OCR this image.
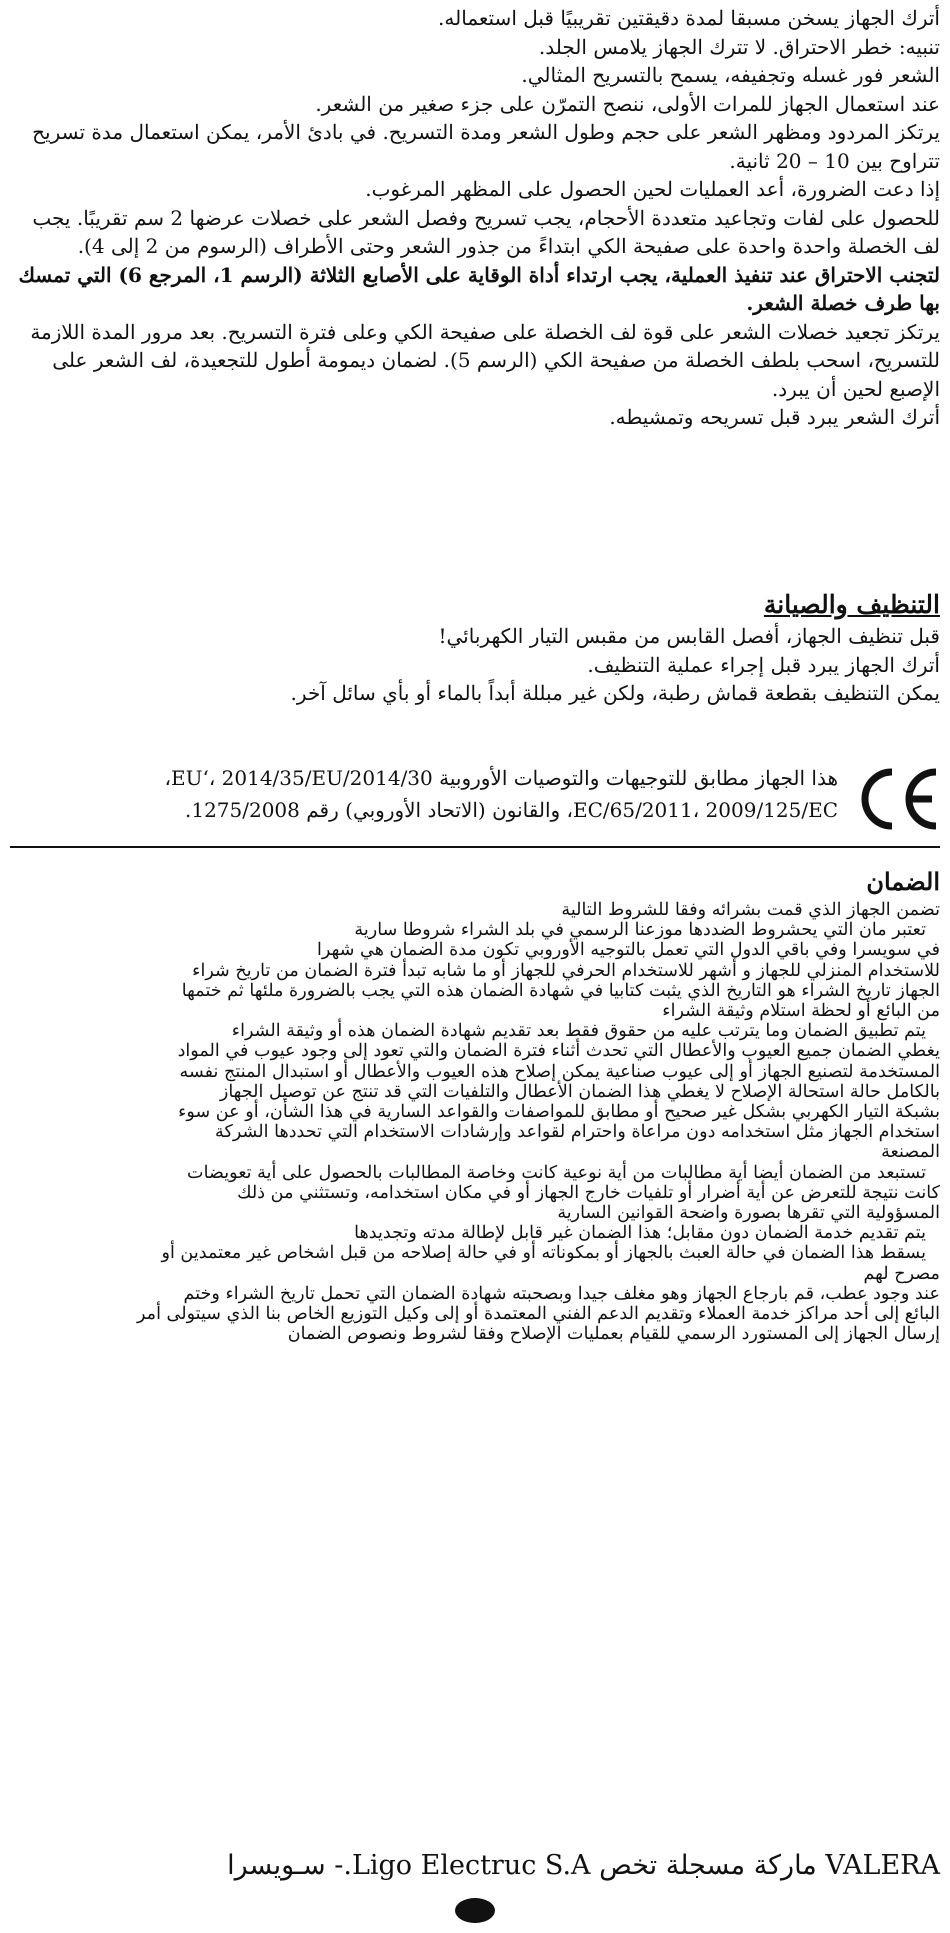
أترك الجهاز يسخن مسبقا لمدة دقيقتين تقريبيًا قبل استعماله.

تنبيه: خطر الاحتراق. لا تترك الجهاز يلامس الجلد.

الشعر فور غسله وتجفيفه، يسمح بالتسريح المثالي.

عند استعمال الجهاز للمرات الأولى، ننصح التمرّن على جزء صغير من الشعر.

يرتكز المردود ومظهر الشعر على حجم وطول الشعر ومدة التسريح. في بادئ الأمر، يمكن استعمال مدة تسريح تتراوح بين 10 – 20 ثانية.

إذا دعت الضرورة، أعد العمليات لحين الحصول على المظهر المرغوب.

للحصول على لفات وتجاعيد متعددة الأحجام، يجب تسريح وفصل الشعر على خصلات عرضها 2 سم تقريبًا. يجب لف الخصلة واحدة واحدة على صفيحة الكي ابتداءً من جذور الشعر وحتى الأطراف (الرسوم من 2 إلى 4).

لتجنب الاحتراق عند تنفيذ العملية، يجب ارتداء أداة الوقاية على الأصابع الثلاثة (الرسم 1، المرجع 6) التي تمسك بها طرف خصلة الشعر.

يرتكز تجعيد خصلات الشعر على قوة لف الخصلة على صفيحة الكي وعلى فترة التسريح. بعد مرور المدة اللازمة للتسريح، اسحب بلطف الخصلة من صفيحة الكي (الرسم 5). لضمان ديمومة أطول للتجعيدة، لف الشعر على الإصبع لحين أن يبرد.

أترك الشعر يبرد قبل تسريحه وتمشيطه.

التنظيف والصيانة

قبل تنظيف الجهاز، أفصل القابس من مقبس التيار الكهربائي!

أترك الجهاز يبرد قبل إجراء عملية التنظيف.

يمكن التنظيف بقطعة قماش رطبة، ولكن غير مبللة أبداً بالماء أو بأي سائل آخر.

هذا الجهاز مطابق للتوجيهات والتوصيات الأوروبية 2014/30/EU‘، 2014/35/EU،
EC/65/2011، 2009/125/EC، والقانون (الاتحاد الأوروبي) رقم 1275/2008.

الضمان

تضمن الجهاز الذي قمت بشرائه وفقا للشروط التالية

تعتبر مان التي يحشروط الضددها موزعنا الرسمي في بلد الشراء شروطا سارية

في سويسرا وفي باقي الدول التي تعمل بالتوجيه الأوروبي تكون مدة الضمان هي شهرا

للاستخدام المنزلي للجهاز و أشهر للاستخدام الحرفي للجهاز أو ما شابه تبدأ فترة الضمان من تاريخ شراء

الجهاز تاريخ الشراء هو التاريخ الذي يثبت كتابيا في شهادة الضمان هذه التي يجب بالضرورة ملئها ثم ختمها

من البائع أو لحظة استلام وثيقة الشراء

يتم تطبيق الضمان وما يترتب عليه من حقوق فقط بعد تقديم شهادة الضمان هذه أو وثيقة الشراء

يغطي الضمان جميع العيوب والأعطال التي تحدث أثناء فترة الضمان والتي تعود إلى وجود عيوب في المواد

المستخدمة لتصنيع الجهاز أو إلى عيوب صناعية يمكن إصلاح هذه العيوب والأعطال أو استبدال المنتج نفسه

بالكامل حالة استحالة الإصلاح لا يغطي هذا الضمان الأعطال والتلفيات التي قد تنتج عن توصيل الجهاز

بشبكة التيار الكهربي بشكل غير صحيح أو مطابق للمواصفات والقواعد السارية في هذا الشأن، أو عن سوء

استخدام الجهاز مثل استخدامه دون مراعاة واحترام لقواعد وإرشادات الاستخدام التي تحددها الشركة

المصنعة

تستبعد من الضمان أيضا أية مطالبات من أية نوعية كانت وخاصة المطالبات بالحصول على أية تعويضات

كانت نتيجة للتعرض عن أية أضرار أو تلفيات خارج الجهاز أو في مكان استخدامه، وتستثني من ذلك

المسؤولية التي تقرها بصورة واضحة القوانين السارية

يتم تقديم خدمة الضمان دون مقابل؛ هذا الضمان غير قابل لإطالة مدته وتجديدها

يسقط هذا الضمان في حالة العبث بالجهاز أو بمكوناته أو في حالة إصلاحه من قبل اشخاص غير معتمدين أو

مصرح لهم

عند وجود عطب، قم بارجاع الجهاز وهو مغلف جيدا وبصحبته شهادة الضمان التي تحمل تاريخ الشراء وختم

البائع إلى أحد مراكز خدمة العملاء وتقديم الدعم الفني المعتمدة أو إلى وكيل التوزيع الخاص بنا الذي سيتولى أمر

إرسال الجهاز إلى المستورد الرسمي للقيام بعمليات الإصلاح وفقا لشروط ونصوص الضمان

VALERA ماركة مسجلة تخص Ligo Electruc S.A.- سـويسرا
